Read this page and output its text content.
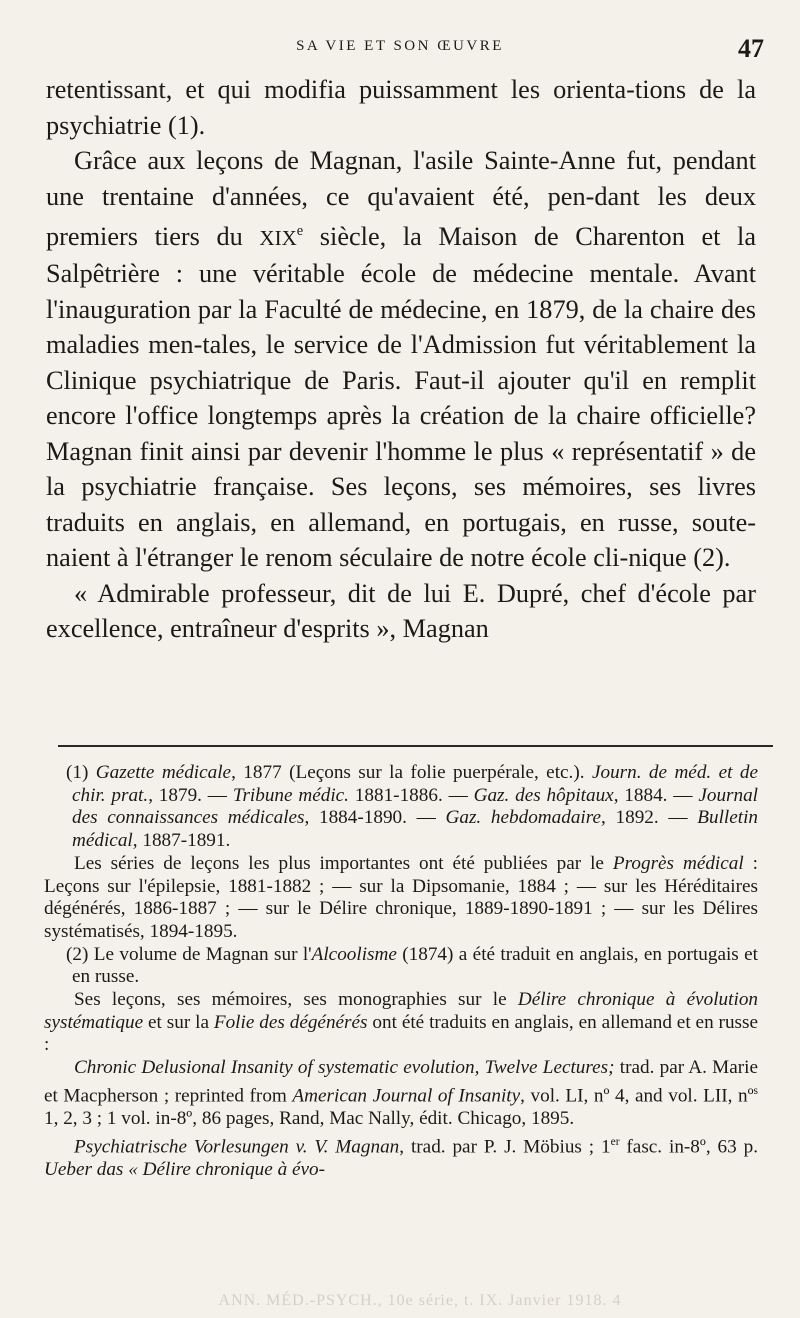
SA VIE ET SON ŒUVRE	47

retentissant, et qui modifia puissamment les orienta-tions de la psychiatrie (1).

Grâce aux leçons de Magnan, l'asile Sainte-Anne fut, pendant une trentaine d'années, ce qu'avaient été, pen-dant les deux premiers tiers du XIXe siècle, la Maison de Charenton et la Salpêtrière : une véritable école de médecine mentale. Avant l'inauguration par la Faculté de médecine, en 1879, de la chaire des maladies men-tales, le service de l'Admission fut véritablement la Clinique psychiatrique de Paris. Faut-il ajouter qu'il en remplit encore l'office longtemps après la création de la chaire officielle? Magnan finit ainsi par devenir l'homme le plus « représentatif » de la psychiatrie française. Ses leçons, ses mémoires, ses livres traduits en anglais, en allemand, en portugais, en russe, soute-naient à l'étranger le renom séculaire de notre école cli-nique (2).

« Admirable professeur, dit de lui E. Dupré, chef d'école par excellence, entraîneur d'esprits », Magnan

(1) Gazette médicale, 1877 (Leçons sur la folie puerpérale, etc.). Journ. de méd. et de chir. prat., 1879. — Tribune médic. 1881-1886. — Gaz. des hôpitaux, 1884. — Journal des connaissances médicales, 1884-1890. — Gaz. hebdomadaire, 1892. — Bulletin médical, 1887-1891.

Les séries de leçons les plus importantes ont été publiées par le Progrès médical : Leçons sur l'épilepsie, 1881-1882 ; — sur la Dipsomanie, 1884 ; — sur les Héréditaires dégénérés, 1886-1887 ; — sur le Délire chronique, 1889-1890-1891 ; — sur les Délires systématisés, 1894-1895.

(2) Le volume de Magnan sur l'Alcoolisme (1874) a été traduit en anglais, en portugais et en russe.

Ses leçons, ses mémoires, ses monographies sur le Délire chronique à évolution systématique et sur la Folie des dégénérés ont été traduits en anglais, en allemand et en russe :

Chronic Delusional Insanity of systematic evolution, Twelve Lectures; trad. par A. Marie et Macpherson ; reprinted from American Journal of Insanity, vol. LI, nº 4, and vol. LII, nº$^s$ 1, 2, 3 ; 1 vol. in-8º, 86 pages, Rand, Mac Nally, édit. Chicago, 1895.

Psychiatrische Vorlesungen v. V. Magnan, trad. par P. J. Möbius ; 1er fasc. in-8º, 63 p. Ueber das « Délire chronique à évo-

ANN. MÉD.-PSYCH., 10e série, t. IX. Janvier 1918. 4
